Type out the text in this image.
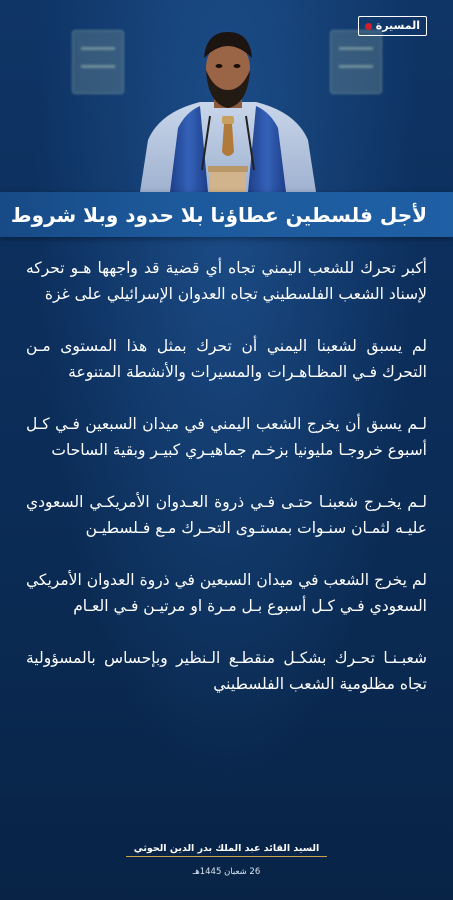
المسيرة
لأجل فلسطين عطاؤنا بلا حدود وبلا شروط

أكبر تحرك للشعب اليمني تجاه أي قضية قد واجهها هـو تحركه لإسناد الشعب الفلسطيني تجاه العدوان الإسرائيلي على غزة

لم يسبق لشعبنا اليمني أن تحرك بمثل هذا المستوى مـن التحرك فـي المظـاهـرات والمسيرات والأنشطة المتنوعة

لـم يسبق أن يخرج الشعب اليمني في ميدان السبعين فـي كـل أسبوع خروجـا مليونيا بزخـم جماهيـري كبيـر وبقية الساحات

لـم يخـرج شعبنـا حتـى فـي ذروة العـدوان الأمريكـي السعودي عليـه لثمـان سنـوات بمستـوى التحـرك مـع فـلسطيـن

لم يخرج الشعب في ميدان السبعين في ذروة العدوان الأمريكي السعودي فـي كـل أسبوع بـل مـرة او مرتيـن فـي العـام

شعبـنـا تحـرك بشكـل منقطـع الـنظير وبإحساس بالمسؤولية تجاه مظلومية الشعب الفلسطيني

السيد القائد عبد الملك بدر الدين الحوثي
26 شعبان 1445هـ
